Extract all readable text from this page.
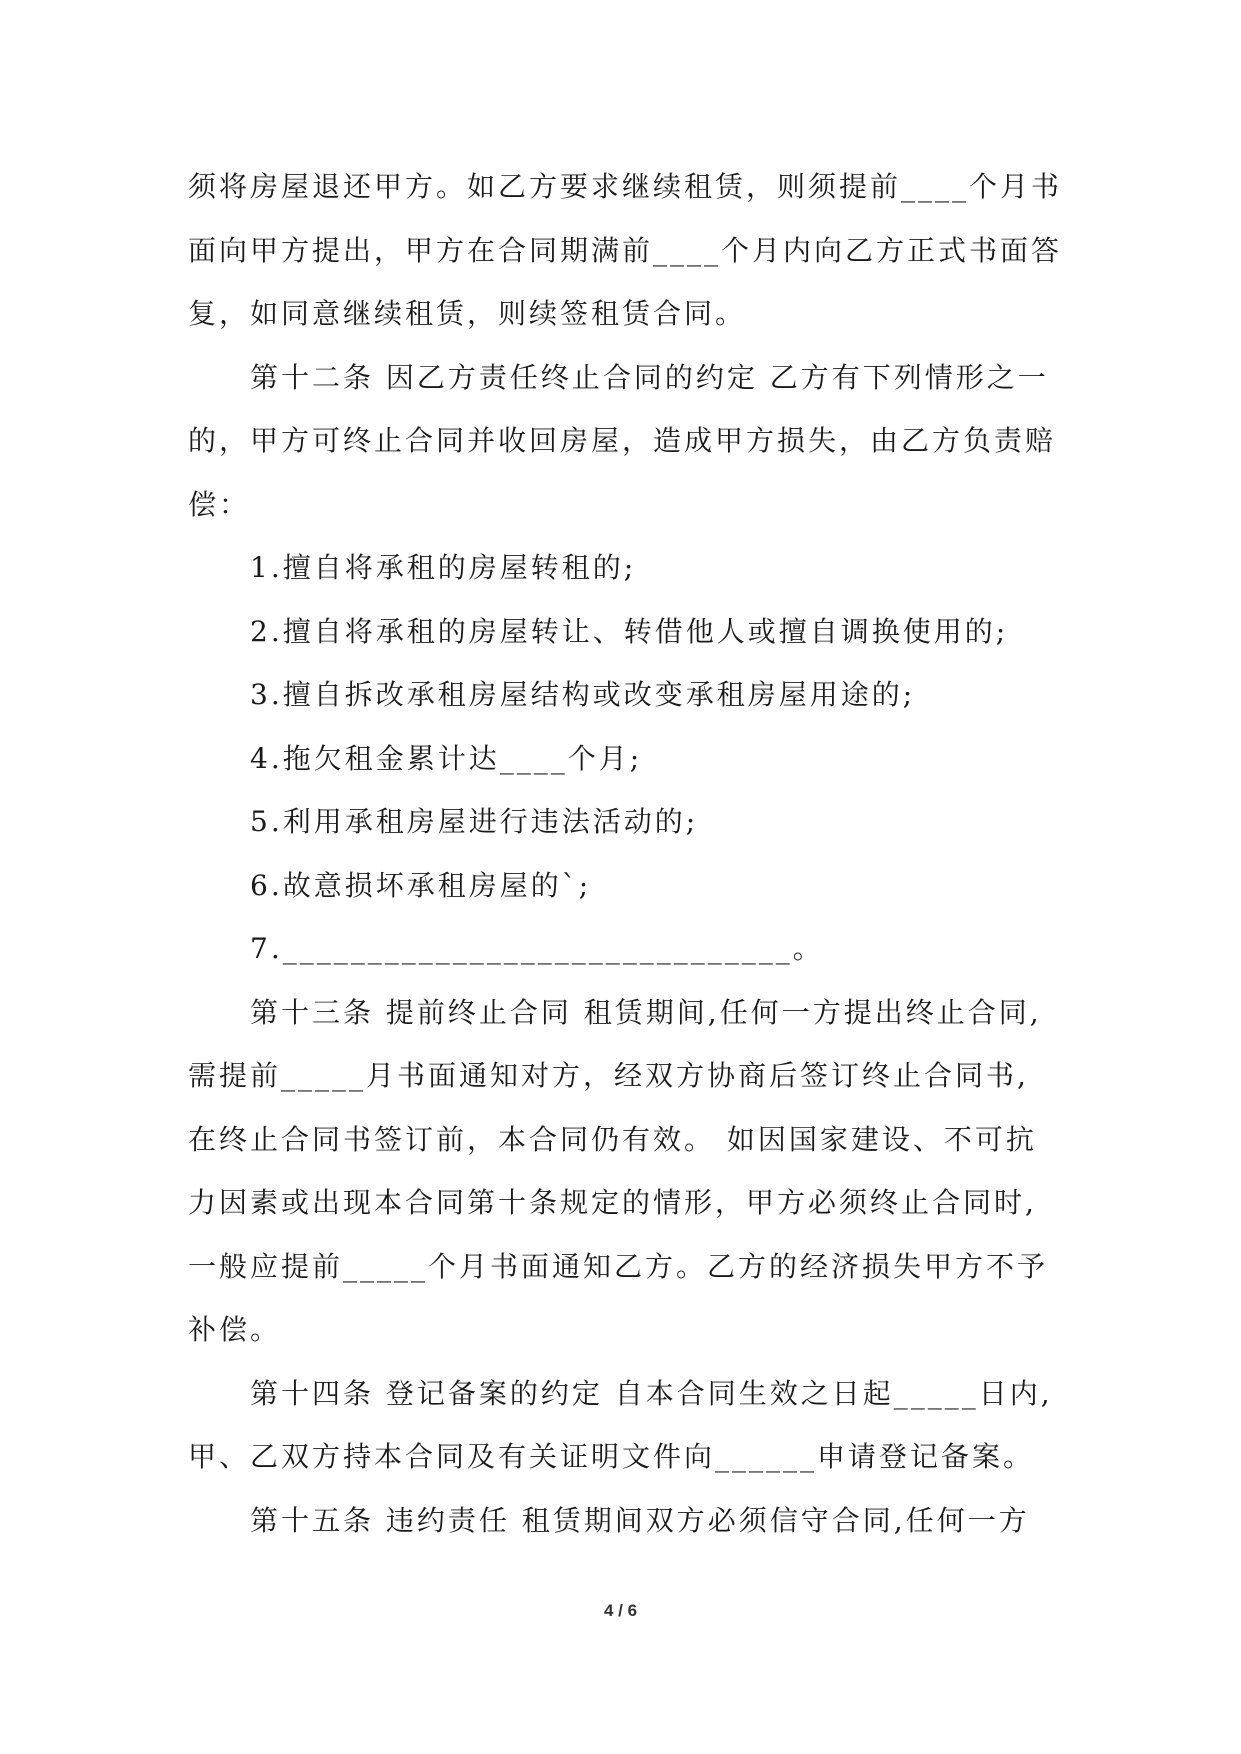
须将房屋退还甲方。如乙方要求继续租赁，则须提前____个月书
面向甲方提出，甲方在合同期满前____个月内向乙方正式书面答
复，如同意继续租赁，则续签租赁合同。
第十二条 因乙方责任终止合同的约定 乙方有下列情形之一
的，甲方可终止合同并收回房屋，造成甲方损失，由乙方负责赔
偿：
1.擅自将承租的房屋转租的;
2.擅自将承租的房屋转让、转借他人或擅自调换使用的;
3.擅自拆改承租房屋结构或改变承租房屋用途的;
4.拖欠租金累计达____个月;
5.利用承租房屋进行违法活动的;
6.故意损坏承租房屋的`;
7.______________________________。
第十三条 提前终止合同 租赁期间,任何一方提出终止合同,
需提前_____月书面通知对方，经双方协商后签订终止合同书,
在终止合同书签订前，本合同仍有效。 如因国家建设、不可抗
力因素或出现本合同第十条规定的情形，甲方必须终止合同时,
一般应提前_____个月书面通知乙方。乙方的经济损失甲方不予
补偿。
第十四条 登记备案的约定 自本合同生效之日起_____日内,
甲、乙双方持本合同及有关证明文件向______申请登记备案。
第十五条 违约责任 租赁期间双方必须信守合同,任何一方
4 / 6
